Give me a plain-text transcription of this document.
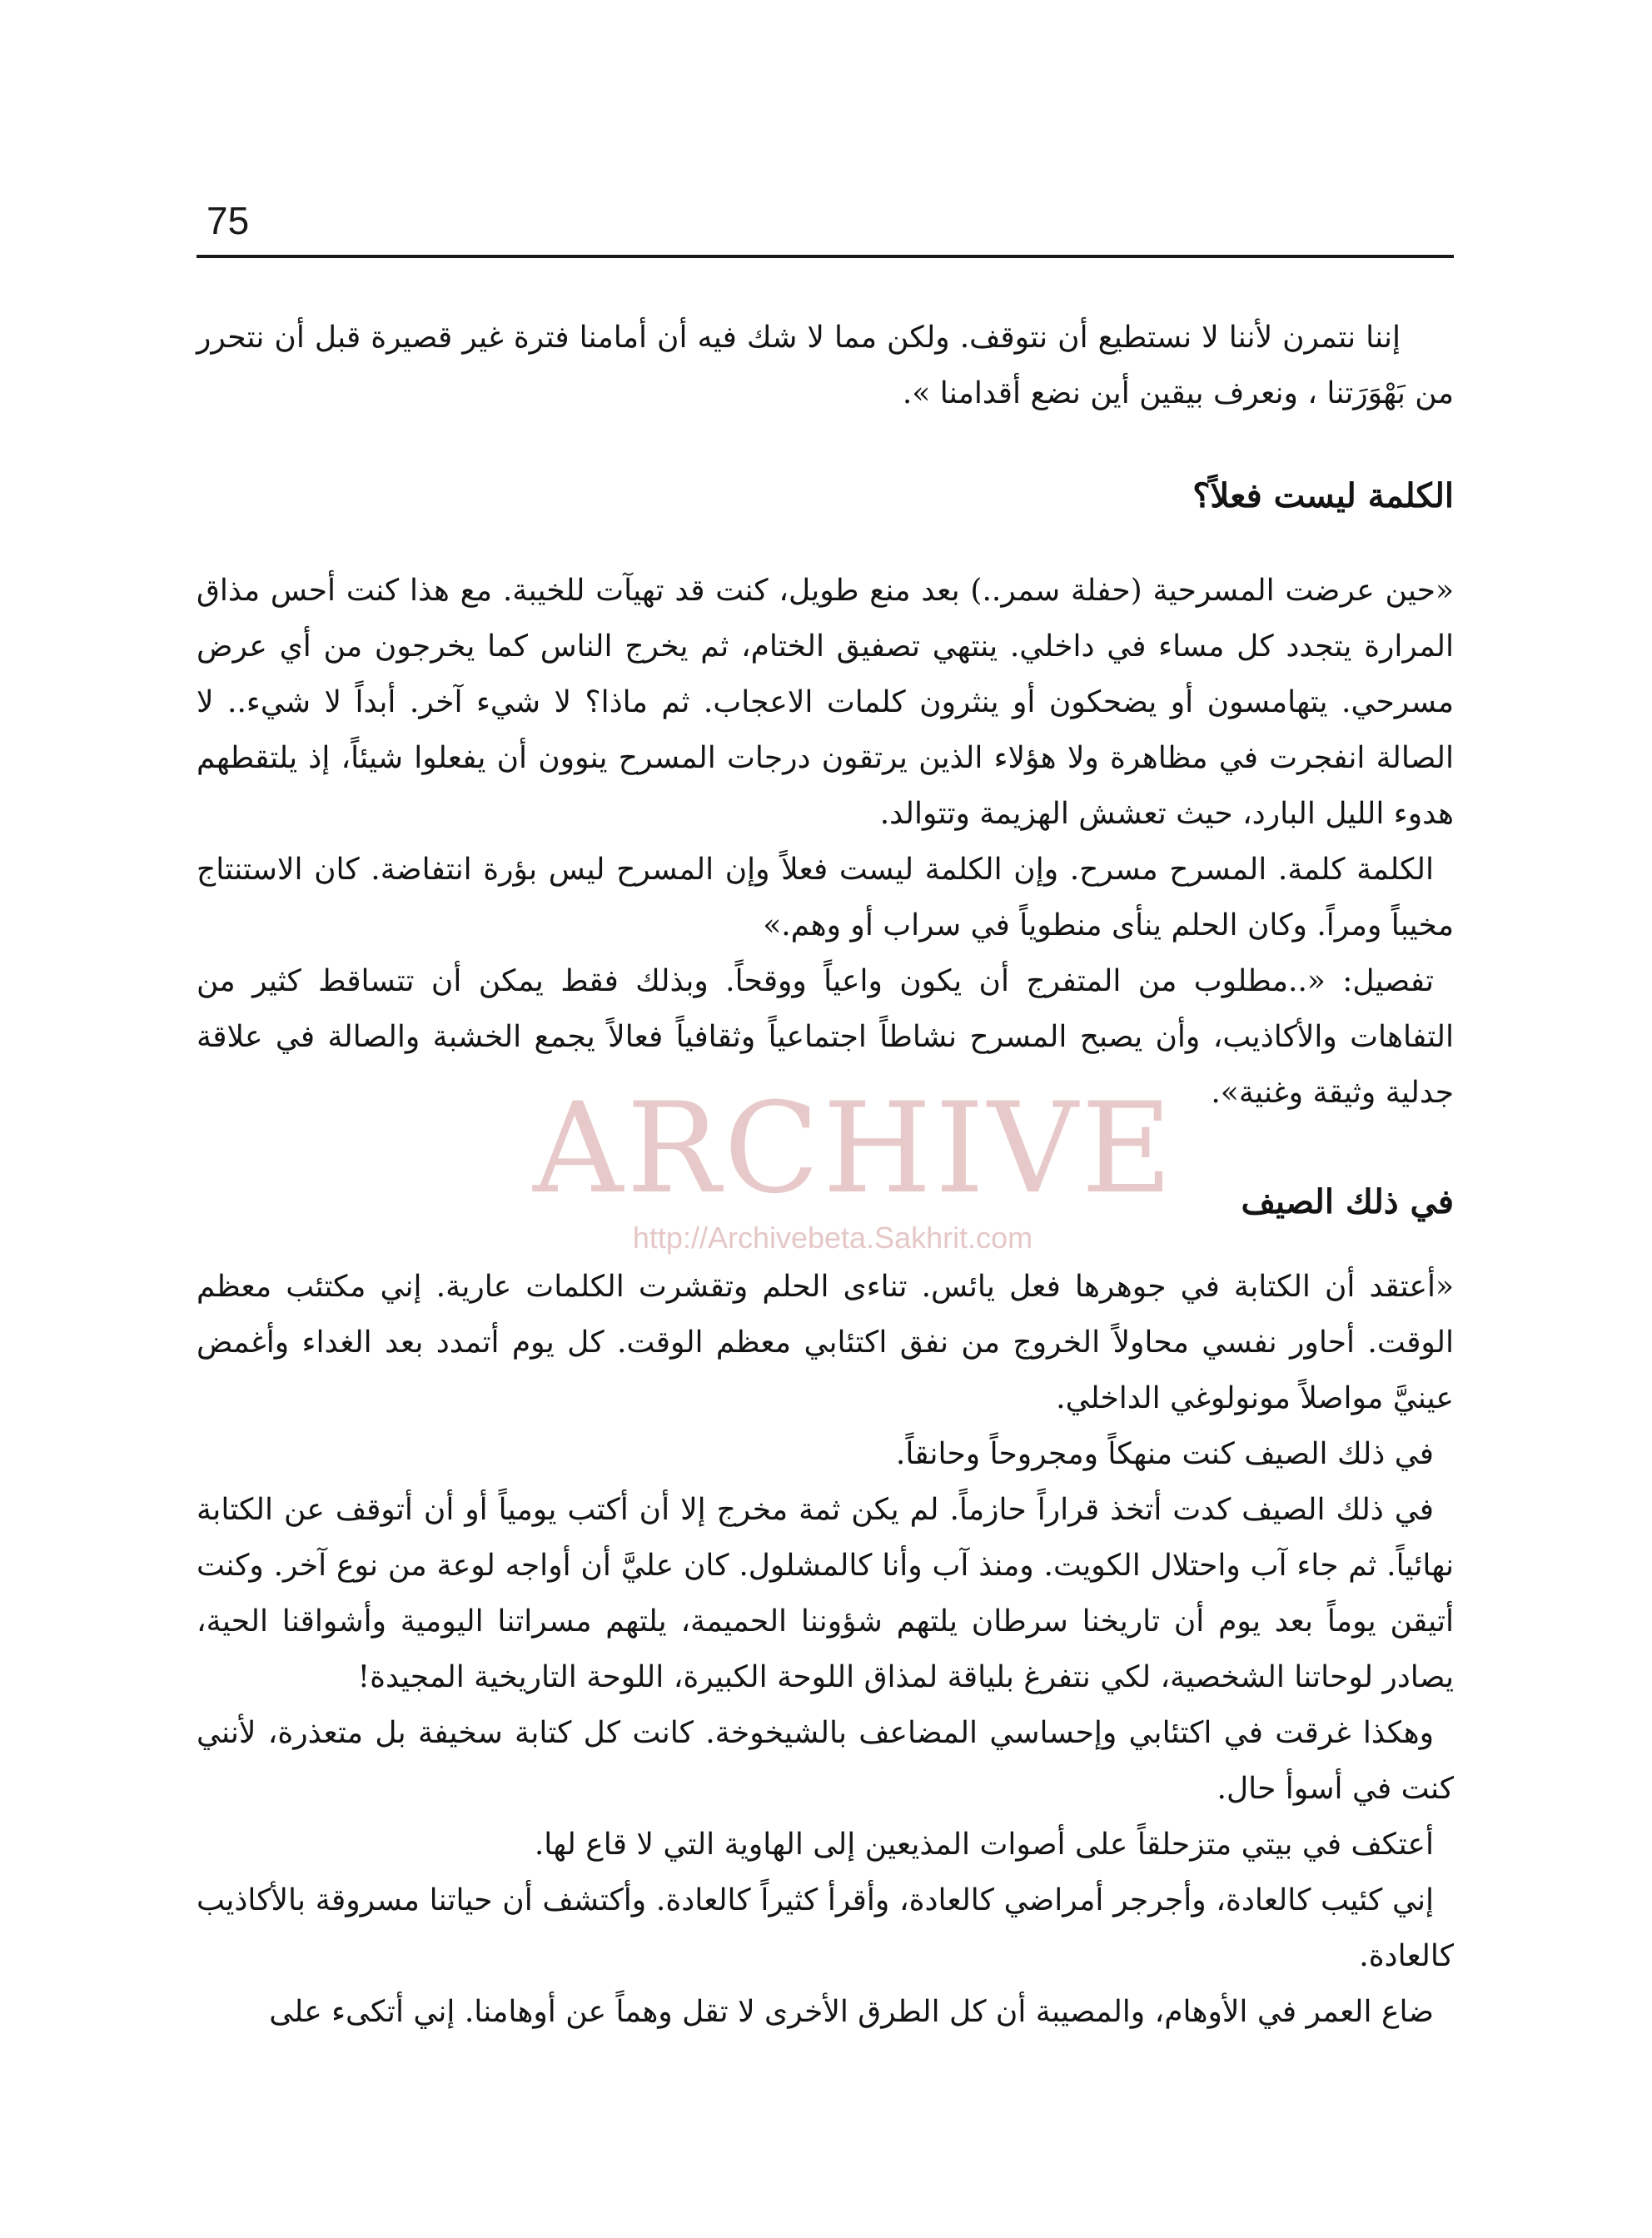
75

إننا نتمرن لأننا لا نستطيع أن نتوقف. ولكن مما لا شك فيه أن أمامنا فترة غير قصيرة قبل أن نتحرر من بَهْوَرَتنا ، ونعرف بيقين أين نضع أقدامنا ».

الكلمة ليست فعلاً؟

«حين عرضت المسرحية (حفلة سمر..) بعد منع طويل، كنت قد تهيآت للخيبة. مع هذا كنت أحس مذاق المرارة يتجدد كل مساء في داخلي. ينتهي تصفيق الختام، ثم يخرج الناس كما يخرجون من أي عرض مسرحي. يتهامسون أو يضحكون أو ينثرون كلمات الاعجاب. ثم ماذا؟ لا شيء آخر. أبداً لا شيء.. لا الصالة انفجرت في مظاهرة ولا هؤلاء الذين يرتقون درجات المسرح ينوون أن يفعلوا شيئاً، إذ يلتقطهم هدوء الليل البارد، حيث تعشش الهزيمة وتتوالد.

الكلمة كلمة. المسرح مسرح. وإن الكلمة ليست فعلاً وإن المسرح ليس بؤرة انتفاضة. كان الاستنتاج مخيباً ومراً. وكان الحلم ينأى منطوياً في سراب أو وهم.»

تفصيل: «..مطلوب من المتفرج أن يكون واعياً ووقحاً. وبذلك فقط يمكن أن تتساقط كثير من التفاهات والأكاذيب، وأن يصبح المسرح نشاطاً اجتماعياً وثقافياً فعالاً يجمع الخشبة والصالة في علاقة جدلية وثيقة وغنية».

ARCHIVE
http://Archivebeta.Sakhrit.com
في ذلك الصيف

«أعتقد أن الكتابة في جوهرها فعل يائس. تناءى الحلم وتقشرت الكلمات عارية. إني مكتئب معظم الوقت. أحاور نفسي محاولاً الخروج من نفق اكتئابي معظم الوقت. كل يوم أتمدد بعد الغداء وأغمض عينيَّ مواصلاً مونولوغي الداخلي.

في ذلك الصيف كنت منهكاً ومجروحاً وحانقاً.

في ذلك الصيف كدت أتخذ قراراً حازماً. لم يكن ثمة مخرج إلا أن أكتب يومياً أو أن أتوقف عن الكتابة نهائياً. ثم جاء آب واحتلال الكويت. ومنذ آب وأنا كالمشلول. كان عليَّ أن أواجه لوعة من نوع آخر. وكنت أتيقن يوماً بعد يوم أن تاريخنا سرطان يلتهم شؤوننا الحميمة، يلتهم مسراتنا اليومية وأشواقنا الحية، يصادر لوحاتنا الشخصية، لكي نتفرغ بلياقة لمذاق اللوحة الكبيرة، اللوحة التاريخية المجيدة!

وهكذا غرقت في اكتئابي وإحساسي المضاعف بالشيخوخة. كانت كل كتابة سخيفة بل متعذرة، لأنني كنت في أسوأ حال.

أعتكف في بيتي متزحلقاً على أصوات المذيعين إلى الهاوية التي لا قاع لها.

إني كئيب كالعادة، وأجرجر أمراضي كالعادة، وأقرأ كثيراً كالعادة. وأكتشف أن حياتنا مسروقة بالأكاذيب كالعادة.

ضاع العمر في الأوهام، والمصيبة أن كل الطرق الأخرى لا تقل وهماً عن أوهامنا. إني أتكىء على
